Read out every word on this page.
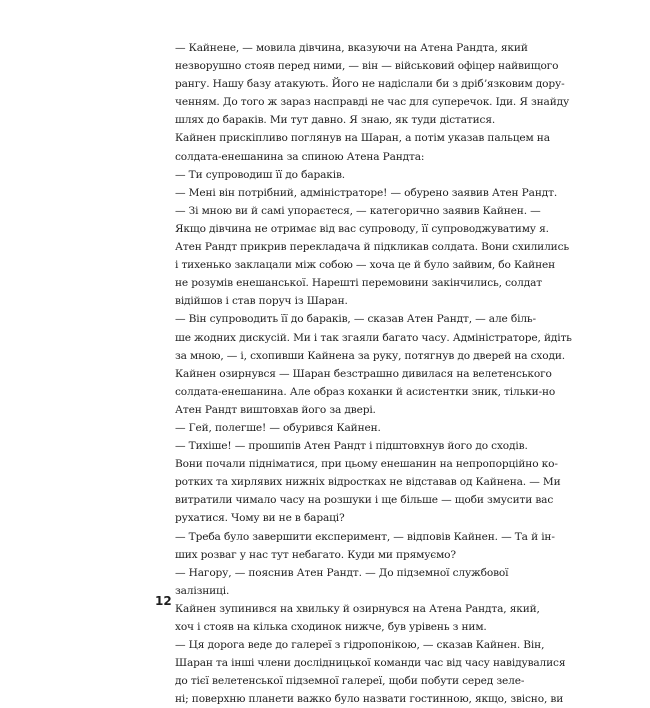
— Кайнене, — мовила дівчина, вказуючи на Атена Рандта, який
незворушно стояв перед ними, — він — військовий офіцер найвищого
рангу. Нашу базу атакують. Його не надіслали би з дрібʼязковим дору-
ченням. До того ж зараз насправді не час для суперечок. Іди. Я знайду
шлях до бараків. Ми тут давно. Я знаю, як туди дістатися.

Кайнен прискіпливо поглянув на Шаран, а потім указав пальцем на
солдата-енешанина за спиною Атена Рандта:

— Ти супроводиш її до бараків.

— Мені він потрібний, адміністраторе! — обурено заявив Атен Рандт.

— Зі мною ви й самі упораєтеся, — категорично заявив Кайнен. —
Якщо дівчина не отримає від вас супроводу, її супроводжуватиму я.

Атен Рандт прикрив перекладача й підкликав солдата. Вони схилились
і тихенько заклацали між собою — хоча це й було зайвим, бо Кайнен
не розумів енешанської. Нарешті перемовини закінчились, солдат
відійшов і став поруч із Шаран.

— Він супроводить її до бараків, — сказав Атен Рандт, — але біль-
ше жодних дискусій. Ми і так згаяли багато часу. Адміністраторе, йдіть
за мною, — і, схопивши Кайнена за руку, потягнув до дверей на сходи.

Кайнен озирнувся — Шаран безстрашно дивилася на велетенського
солдата-енешанина. Але образ коханки й асистентки зник, тільки-но
Атен Рандт виштовхав його за двері.

— Гей, полегше! — обурився Кайнен.

— Тихіше! — прошипів Атен Рандт і підштовхнув його до сходів.
Вони почали підніматися, при цьому енешанин на непропорційно ко-
ротких та хирлявих нижніх відростках не відставав од Кайнена. — Ми
витратили чимало часу на розшуки і ще більше — щоби змусити вас
рухатися. Чому ви не в бараці?

— Треба було завершити експеримент, — відповів Кайнен. — Та й ін-
ших розваг у нас тут небагато. Куди ми прямуємо?

— Нагору, — пояснив Атен Рандт. — До підземної службової
залізниці.

Кайнен зупинився на хвильку й озирнувся на Атена Рандта, який,
хоч і стояв на кілька сходинок нижче, був урівень з ним.

— Ця дорога веде до галереї з гідропонікою, — сказав Кайнен. Він,
Шаран та інші члени дослідницької команди час від часу навідувалися
до тієї велетенської підземної галереї, щоби побути серед зеле-
ні; поверхню планети важко було назвати гостинною, якщо, звісно, ви

12
